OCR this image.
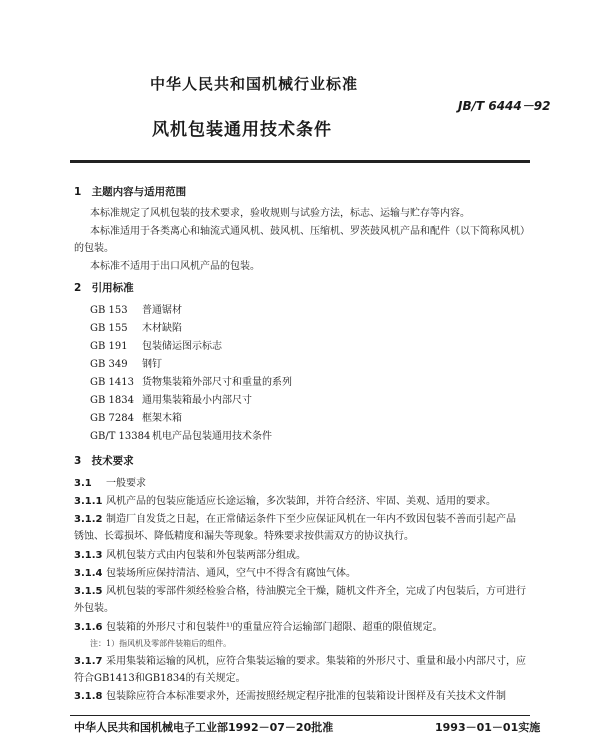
中华人民共和国机械行业标准
JB/T 6444－92
风机包装通用技术条件
1 主题内容与适用范围
本标准规定了风机包装的技术要求，验收规则与试验方法，标志、运输与贮存等内容。
本标准适用于各类离心和轴流式通风机、鼓风机、压缩机、罗茨鼓风机产品和配件（以下简称风机）
的包装。
本标准不适用于出口风机产品的包装。
2 引用标准
GB 153 普通锯材
GB 155 木材缺陷
GB 191 包装储运图示标志
GB 349 钢钉
GB 1413 货物集装箱外部尺寸和重量的系列
GB 1834 通用集装箱最小内部尺寸
GB 7284 框架木箱
GB/T 13384 机电产品包装通用技术条件
3 技术要求
3.1 一般要求
3.1.1 风机产品的包装应能适应长途运输，多次装卸，并符合经济、牢固、美观、适用的要求。
3.1.2 制造厂自发货之日起，在正常储运条件下至少应保证风机在一年内不致因包装不善而引起产品
锈蚀、长霉损坏、降低精度和漏失等现象。特殊要求按供需双方的协议执行。
3.1.3 风机包装方式由内包装和外包装两部分组成。
3.1.4 包装场所应保持清洁、通风，空气中不得含有腐蚀气体。
3.1.5 风机包装的零部件须经检验合格，待油膜完全干燥，随机文件齐全，完成了内包装后，方可进行
外包装。
3.1.6 包装箱的外形尺寸和包装件¹⁾的重量应符合运输部门超限、超重的限值规定。
注：1）指风机及零部件装箱后的组件。
3.1.7 采用集装箱运输的风机，应符合集装运输的要求。集装箱的外形尺寸、重量和最小内部尺寸，应
符合GB1413和GB1834的有关规定。
3.1.8 包装除应符合本标准要求外，还需按照经规定程序批准的包装箱设计图样及有关技术文件制
中华人民共和国机械电子工业部1992－07－20批准	1993－01－01实施
